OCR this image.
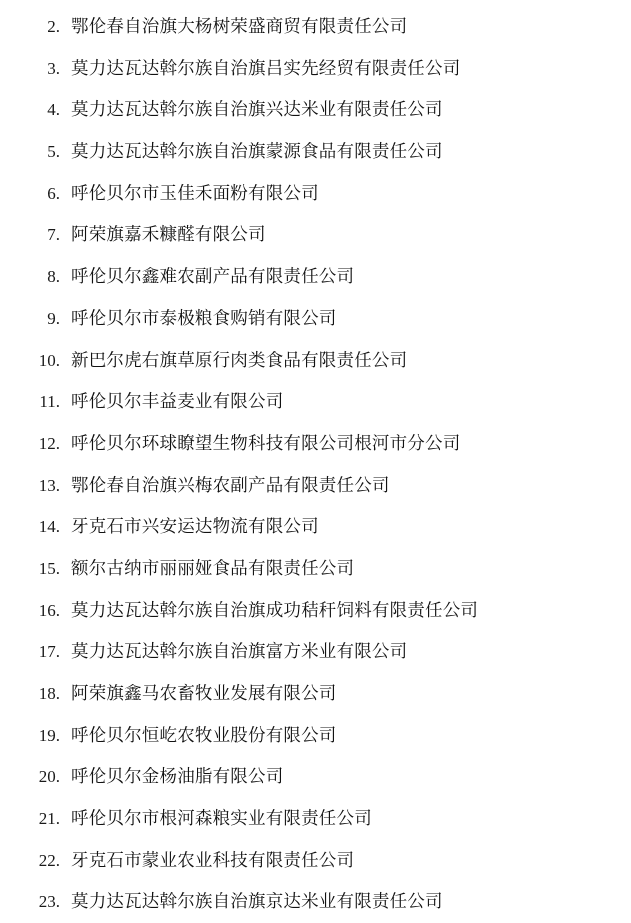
2. 鄂伦春自治旗大杨树荣盛商贸有限责任公司
3. 莫力达瓦达斡尔族自治旗吕实先经贸有限责任公司
4. 莫力达瓦达斡尔族自治旗兴达米业有限责任公司
5. 莫力达瓦达斡尔族自治旗蒙源食品有限责任公司
6. 呼伦贝尔市玉佳禾面粉有限公司
7. 阿荣旗嘉禾糠醛有限公司
8. 呼伦贝尔鑫难农副产品有限责任公司
9. 呼伦贝尔市泰极粮食购销有限公司
10. 新巴尔虎右旗草原行肉类食品有限责任公司
11. 呼伦贝尔丰益麦业有限公司
12. 呼伦贝尔环球瞭望生物科技有限公司根河市分公司
13. 鄂伦春自治旗兴梅农副产品有限责任公司
14. 牙克石市兴安运达物流有限公司
15. 额尔古纳市丽丽娅食品有限责任公司
16. 莫力达瓦达斡尔族自治旗成功秸秆饲料有限责任公司
17. 莫力达瓦达斡尔族自治旗富方米业有限公司
18. 阿荣旗鑫马农畜牧业发展有限公司
19. 呼伦贝尔恒屹农牧业股份有限公司
20. 呼伦贝尔金杨油脂有限公司
21. 呼伦贝尔市根河森粮实业有限责任公司
22. 牙克石市蒙业农业科技有限责任公司
23. 莫力达瓦达斡尔族自治旗京达米业有限责任公司
